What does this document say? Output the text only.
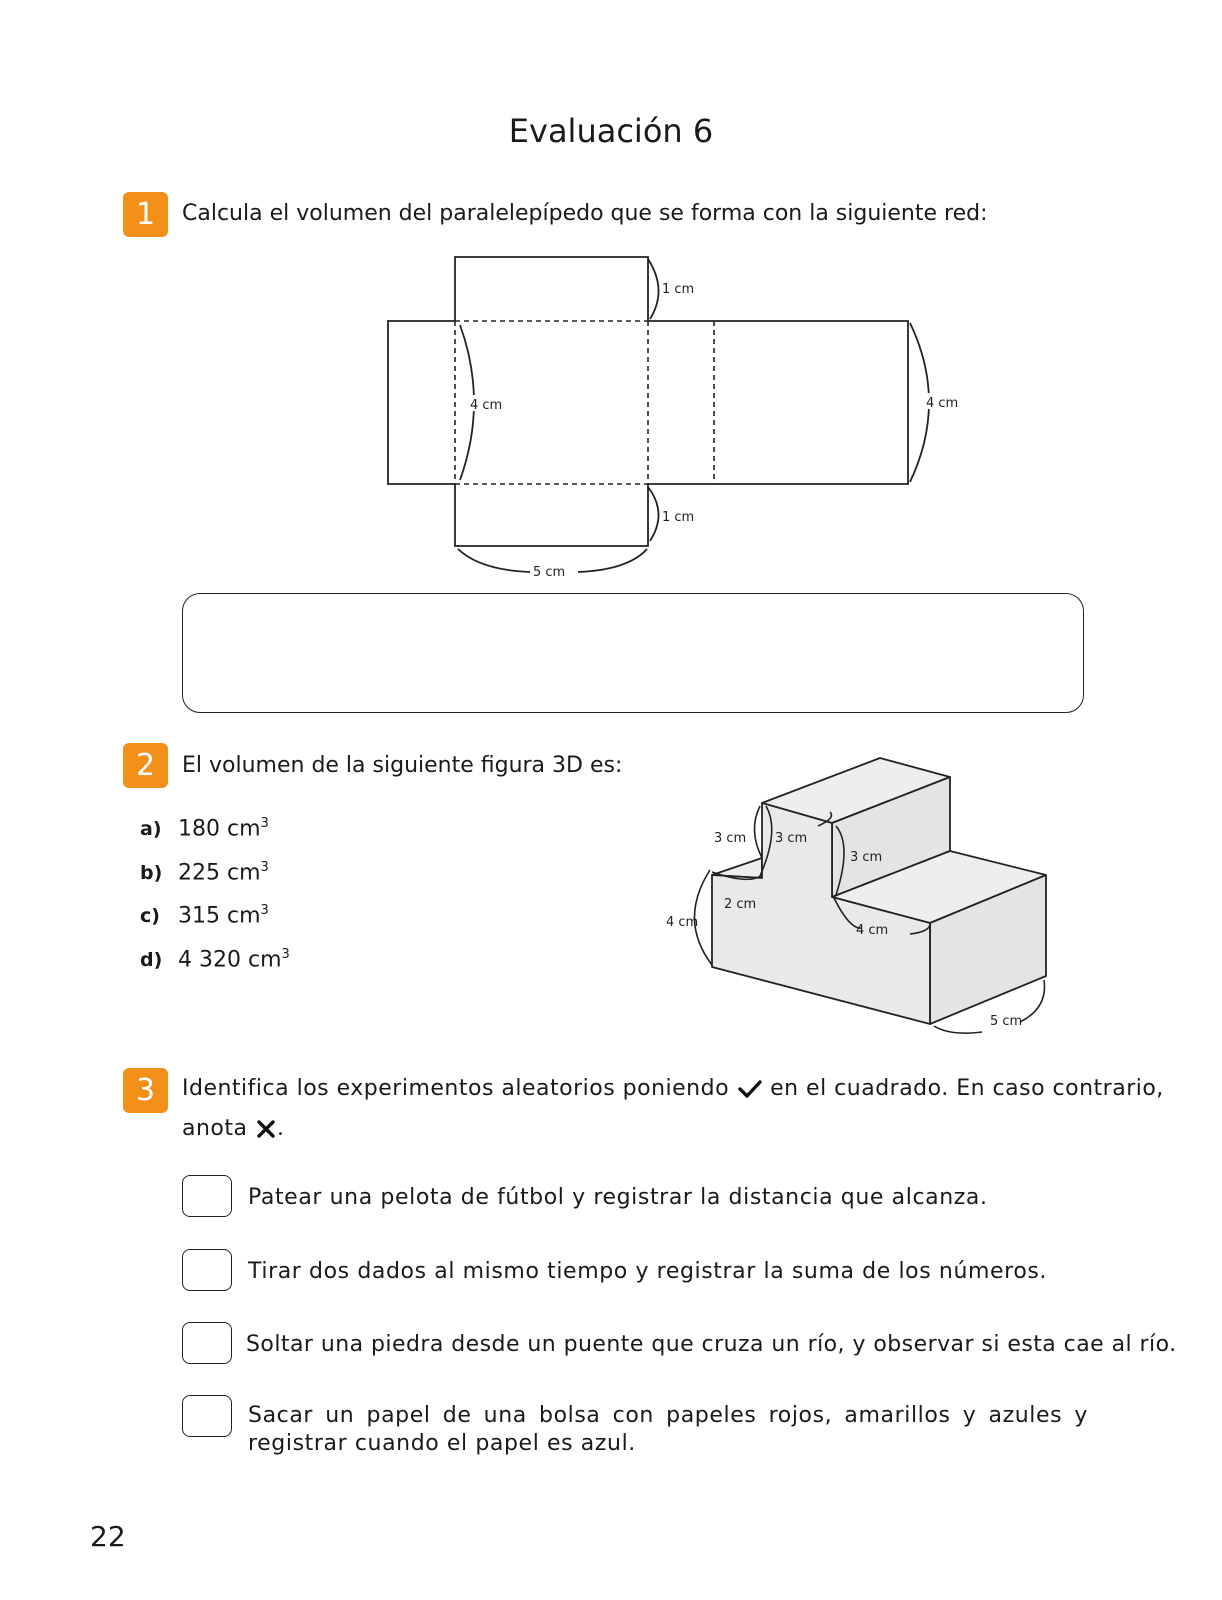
Evaluación 6
1	Calcula el volumen del paralelepípedo que se forma con la siguiente red:
1 cm
4 cm	4 cm
1 cm
5 cm
2	El volumen de la siguiente figura 3D es:
a) 180 $cm^3$
b) 225 $cm^3$
c) 315 $cm^3$
d) 4 320 $cm^3$
3 cm 3 cm
3 cm
2 cm
4 cm
4 cm
5 cm
3	Identifica los experimentos aleatorios poniendo en el cuadrado. En caso contrario,
anota .
Patear una pelota de fútbol y registrar la distancia que alcanza.
Tirar dos dados al mismo tiempo y registrar la suma de los números.
Soltar una piedra desde un puente que cruza un río, y observar si esta cae al río.
Sacar un papel de una bolsa con papeles rojos, amarillos y azules y registrar cuando el papel es azul.
22
